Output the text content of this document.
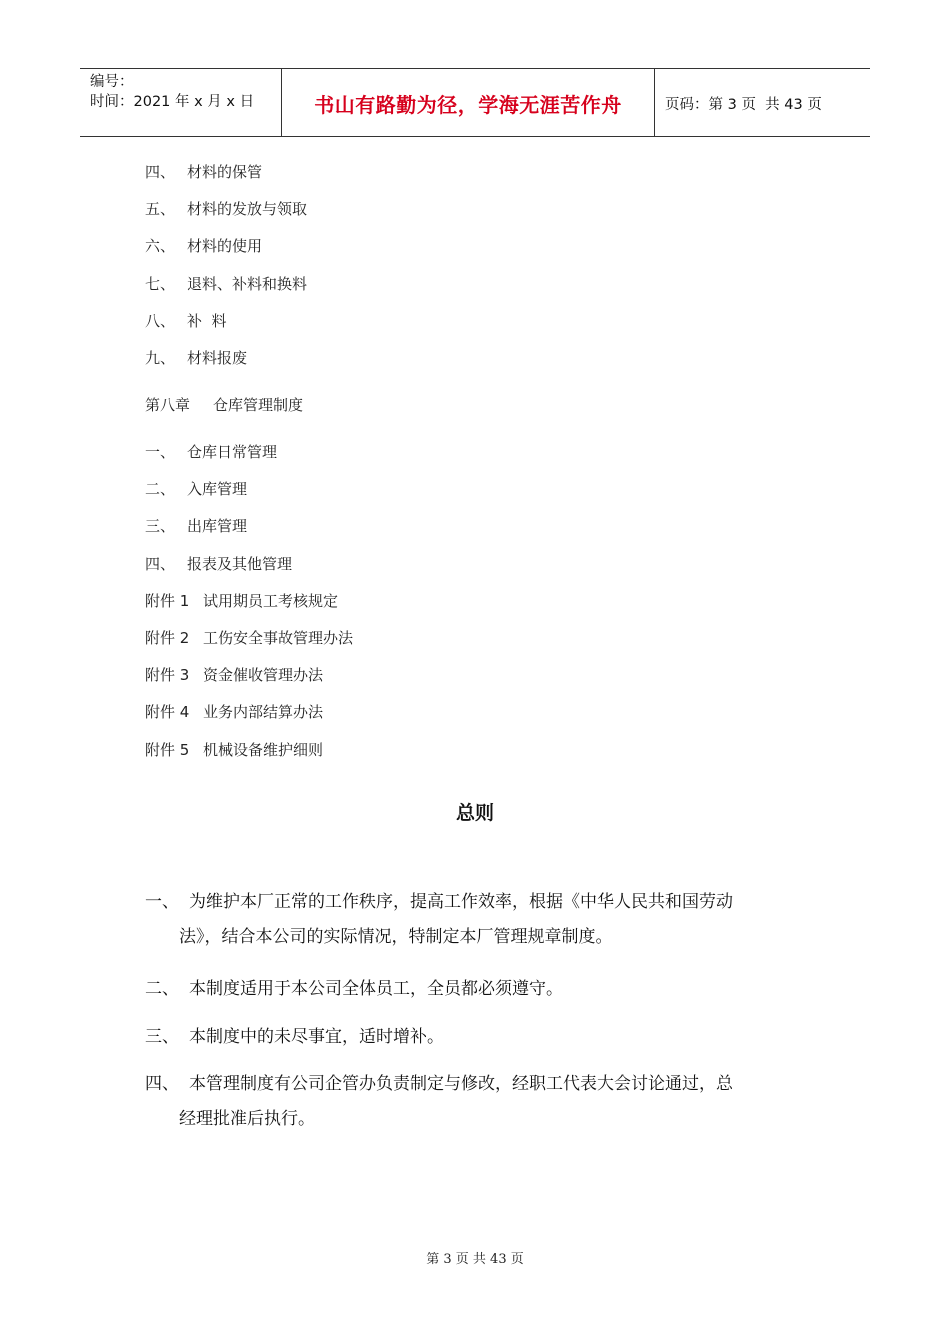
编号：
时间：2021 年 x 月 x 日	书山有路勤为径，学海无涯苦作舟	页码：第 3 页  共 43 页
四、 材料的保管
五、 材料的发放与领取
六、 材料的使用
七、 退料、补料和换料
八、 补  料
九、 材料报废
第八章 仓库管理制度
一、 仓库日常管理
二、 入库管理
三、 出库管理
四、 报表及其他管理
附件 1 试用期员工考核规定
附件 2 工伤安全事故管理办法
附件 3 资金催收管理办法
附件 4 业务内部结算办法
附件 5 机械设备维护细则
总则
一、 为维护本厂正常的工作秩序，提高工作效率，根据《中华人民共和国劳动
法》，结合本公司的实际情况，特制定本厂管理规章制度。
二、 本制度适用于本公司全体员工，全员都必须遵守。
三、 本制度中的未尽事宜，适时增补。
四、 本管理制度有公司企管办负责制定与修改，经职工代表大会讨论通过，总
经理批准后执行。
第 3 页 共 43 页
